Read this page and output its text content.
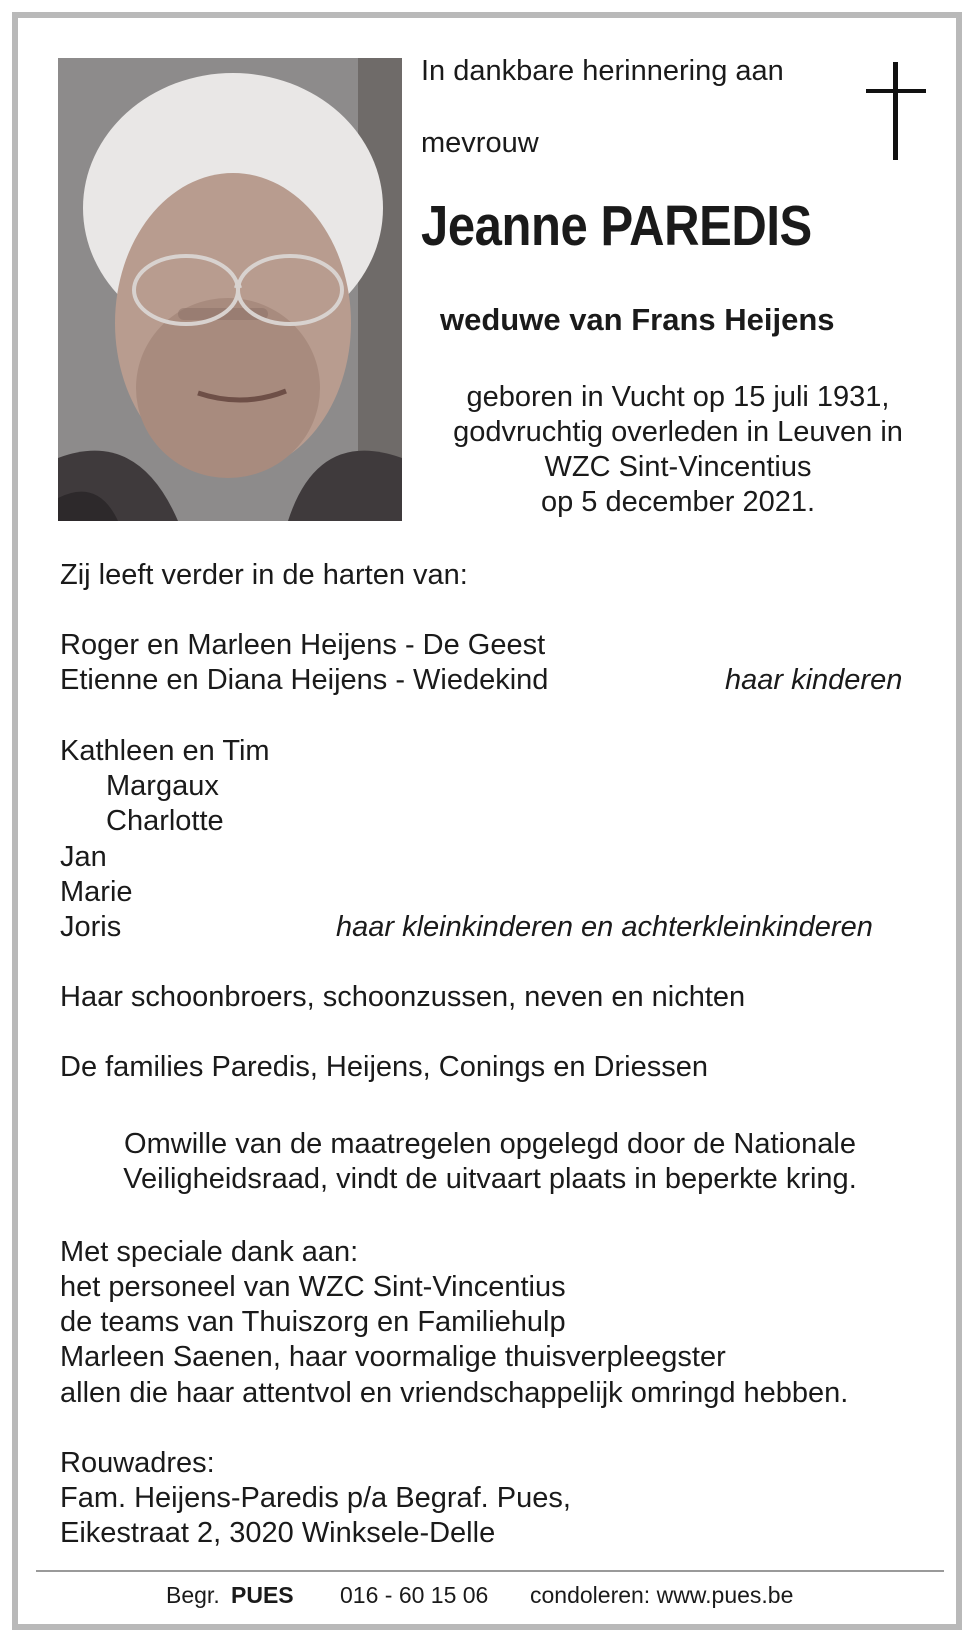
In dankbare herinnering aan
mevrouw
Jeanne PAREDIS
weduwe van Frans Heijens
geboren in Vucht op 15 juli 1931,
godvruchtig overleden in Leuven in
WZC Sint-Vincentius
op 5 december 2021.
Zij leeft verder in de harten van:
Roger en Marleen Heijens - De Geest
Etienne en Diana Heijens - Wiedekind	haar kinderen
Kathleen en Tim
Margaux
Charlotte
Jan
Marie
Joris	haar kleinkinderen en achterkleinkinderen
Haar schoonbroers, schoonzussen, neven en nichten
De families Paredis, Heijens, Conings en Driessen
Omwille van de maatregelen opgelegd door de Nationale
Veiligheidsraad, vindt de uitvaart plaats in beperkte kring.
Met speciale dank aan:
het personeel van WZC Sint-Vincentius
de teams van Thuiszorg en Familiehulp
Marleen Saenen, haar voormalige thuisverpleegster
allen die haar attentvol en vriendschappelijk omringd hebben.
Rouwadres:
Fam. Heijens-Paredis p/a Begraf. Pues,
Eikestraat 2, 3020 Winksele-Delle
Begr. PUES 016 - 60 15 06 condoleren: www.pues.be
